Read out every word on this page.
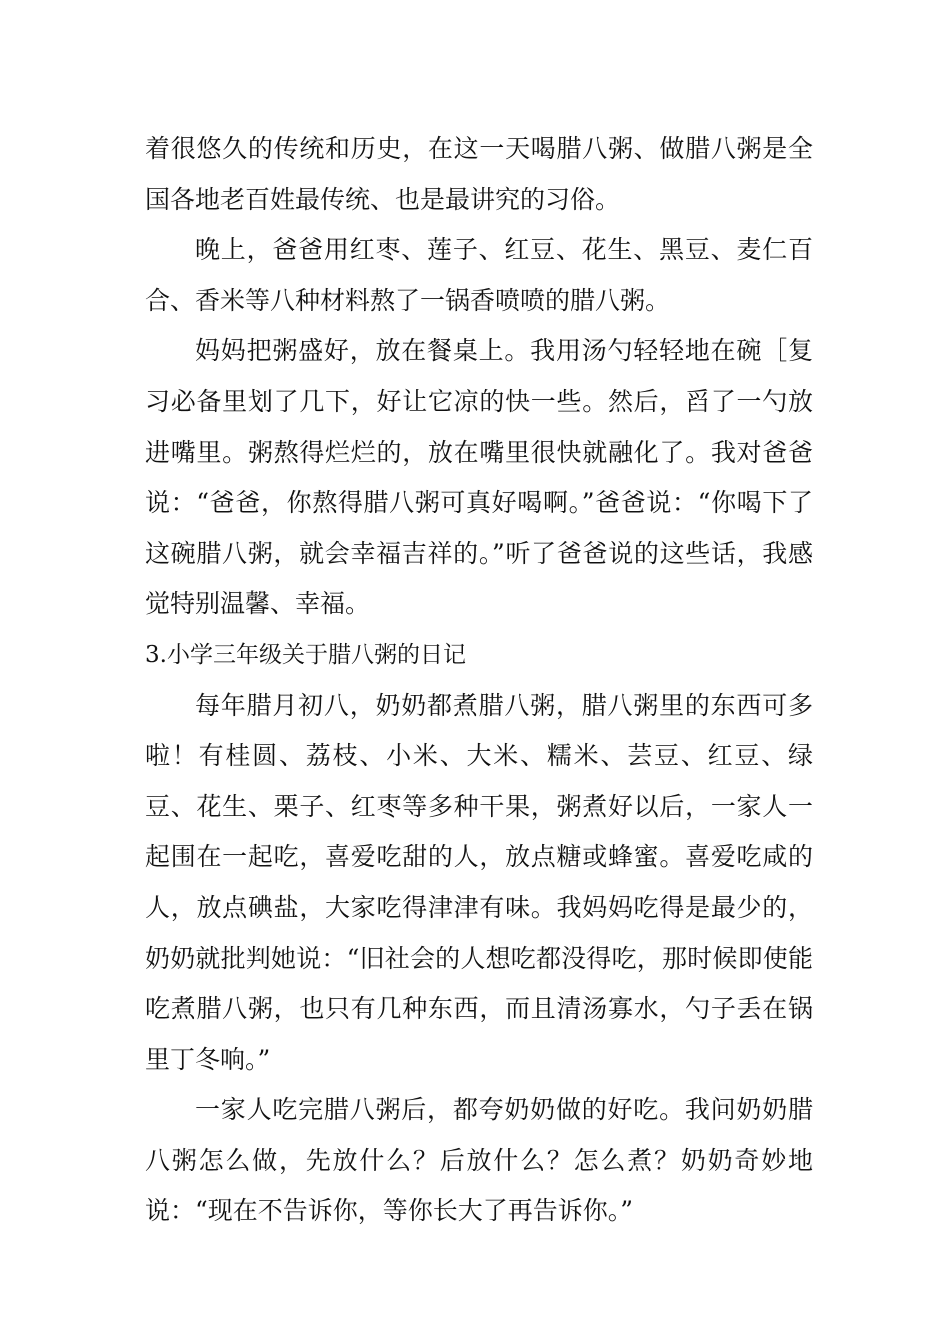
着很悠久的传统和历史，在这一天喝腊八粥、做腊八粥是全国各地老百姓最传统、也是最讲究的习俗。

晚上，爸爸用红枣、莲子、红豆、花生、黑豆、麦仁百合、香米等八种材料熬了一锅香喷喷的腊八粥。

妈妈把粥盛好，放在餐桌上。我用汤勺轻轻地在碗［复习必备里划了几下，好让它凉的快一些。然后，舀了一勺放进嘴里。粥熬得烂烂的，放在嘴里很快就融化了。我对爸爸说：“爸爸，你熬得腊八粥可真好喝啊。”爸爸说：“你喝下了这碗腊八粥，就会幸福吉祥的。”听了爸爸说的这些话，我感觉特别温馨、幸福。

3.小学三年级关于腊八粥的日记

每年腊月初八，奶奶都煮腊八粥，腊八粥里的东西可多啦！有桂圆、荔枝、小米、大米、糯米、芸豆、红豆、绿豆、花生、栗子、红枣等多种干果，粥煮好以后，一家人一起围在一起吃，喜爱吃甜的人，放点糖或蜂蜜。喜爱吃咸的人，放点碘盐，大家吃得津津有味。我妈妈吃得是最少的，奶奶就批判她说：“旧社会的人想吃都没得吃，那时候即使能吃煮腊八粥，也只有几种东西，而且清汤寡水，勺子丢在锅里丁冬响。”

一家人吃完腊八粥后，都夸奶奶做的好吃。我问奶奶腊八粥怎么做，先放什么？后放什么？怎么煮？奶奶奇妙地说：“现在不告诉你，等你长大了再告诉你。”
